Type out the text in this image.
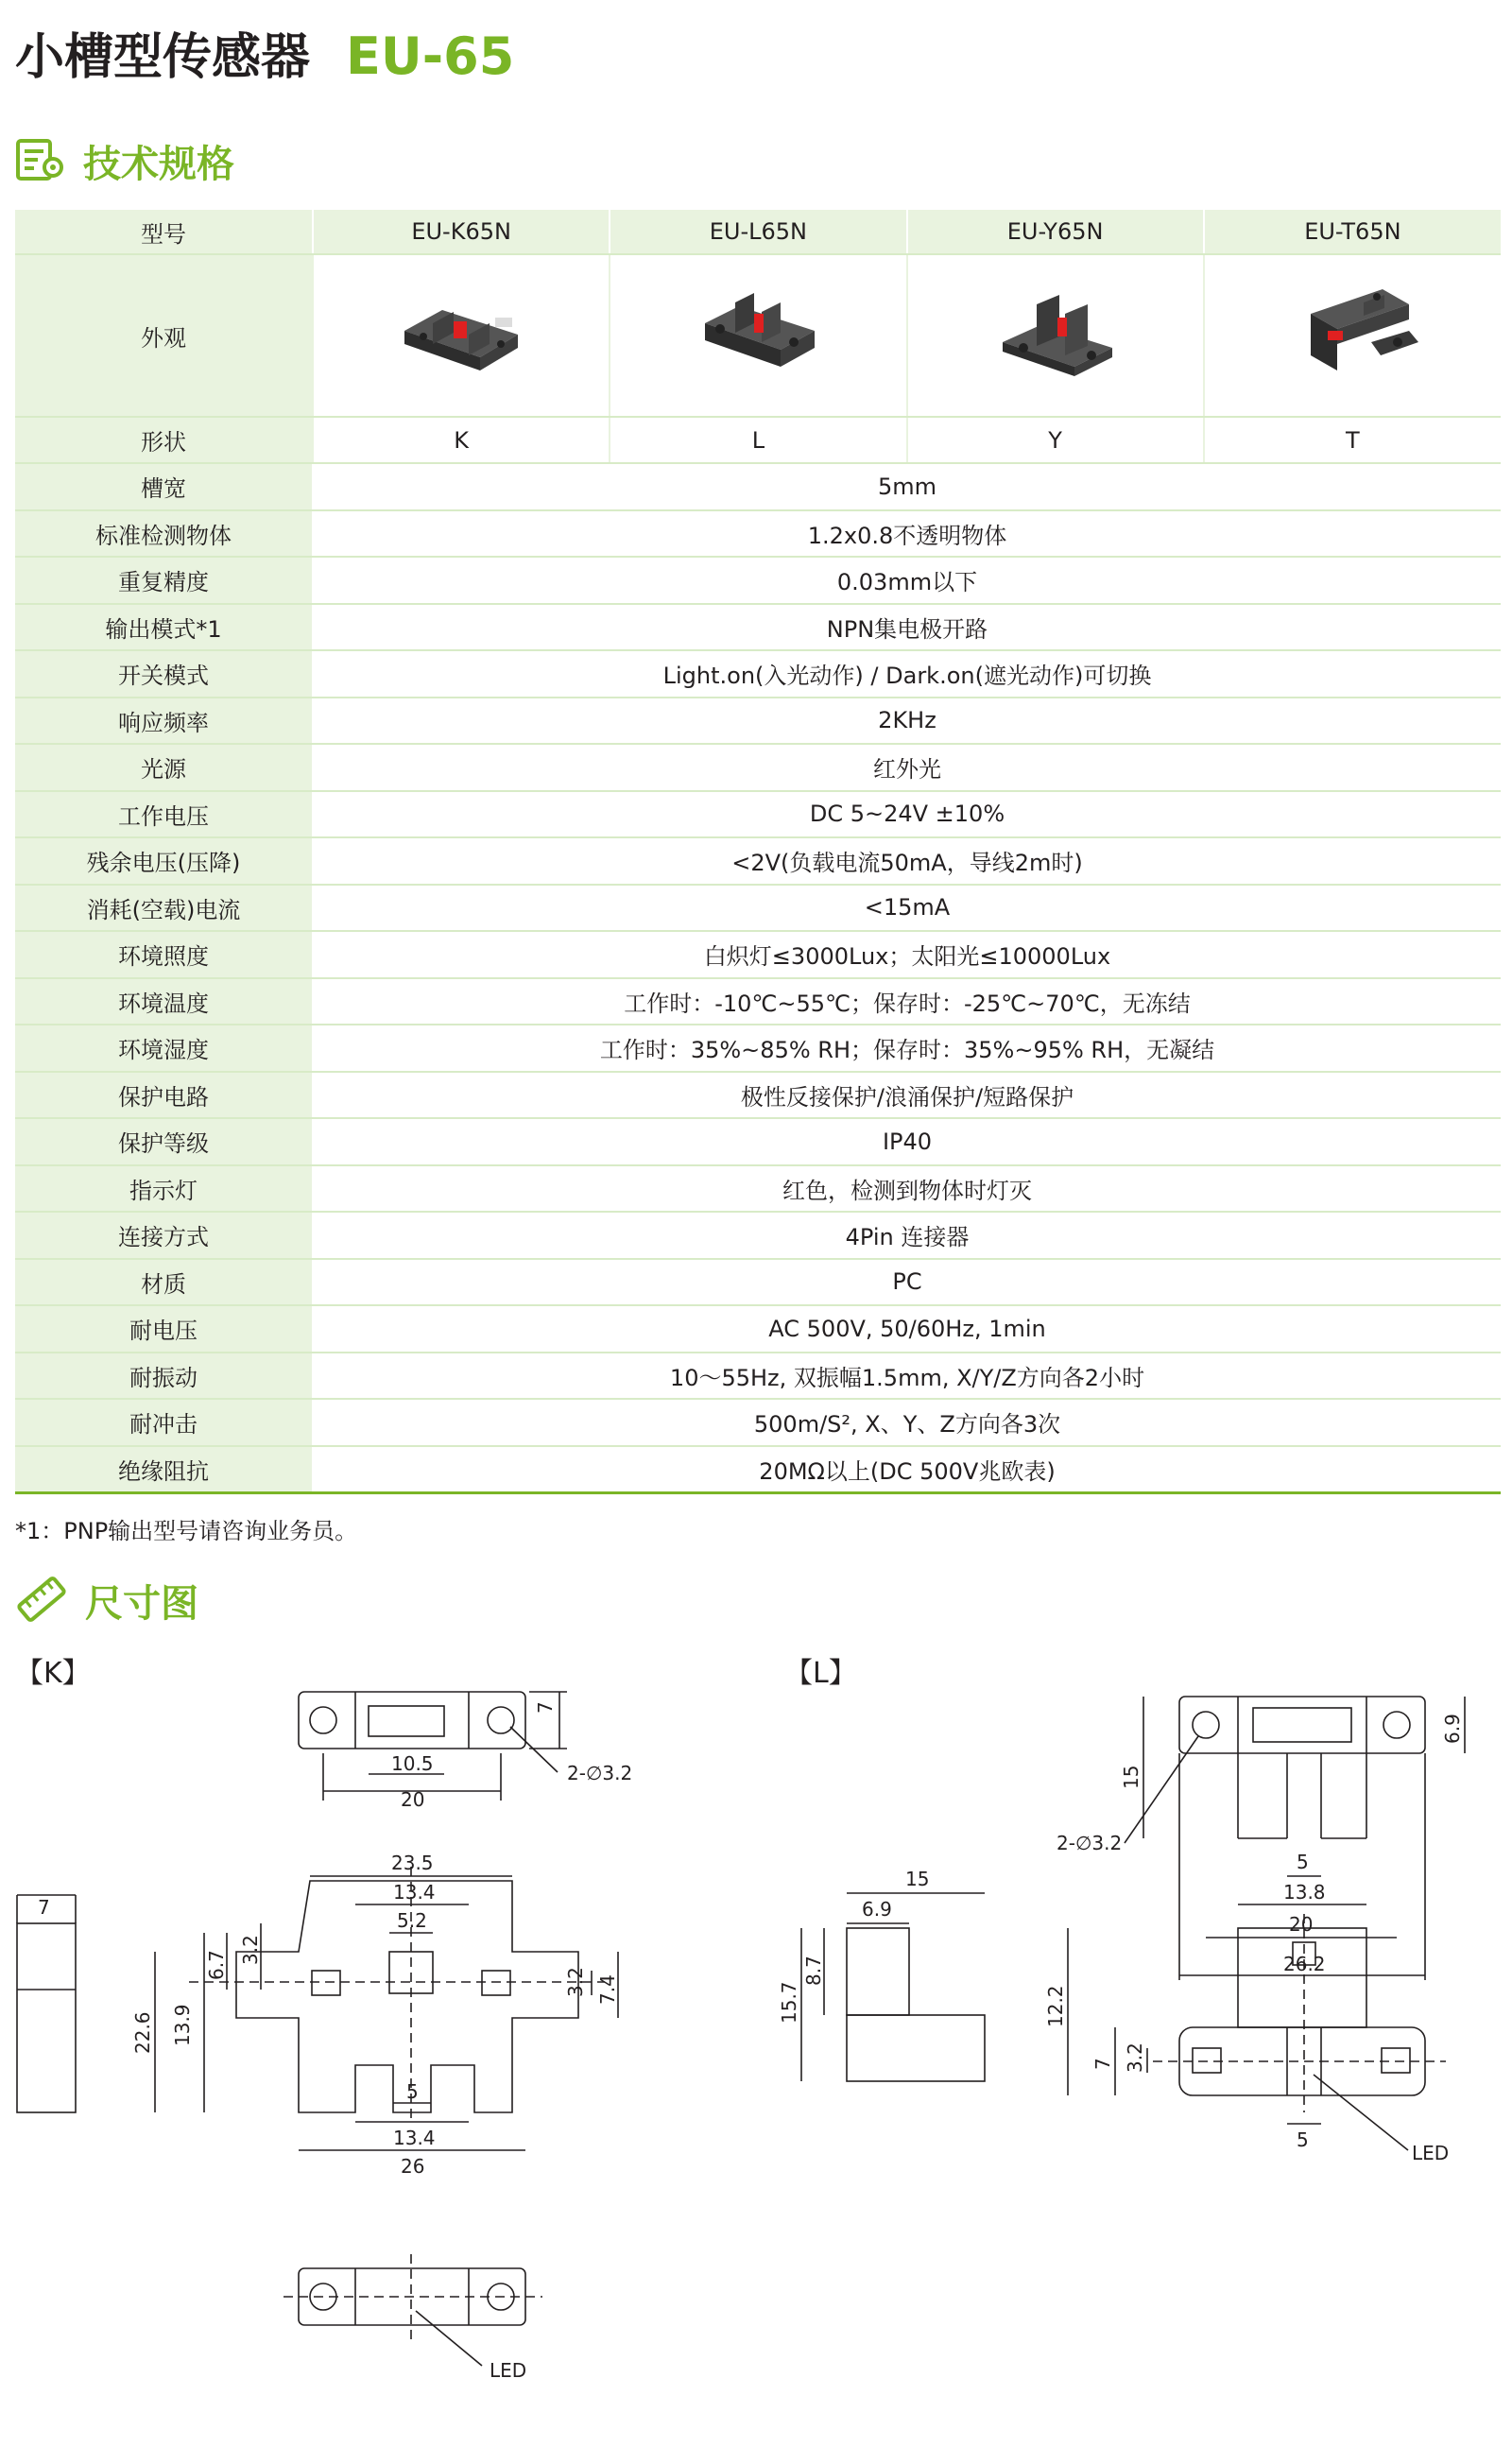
小槽型传感器 EU-65
技术规格
型号	EU-K65N	EU-L65N	EU-Y65N	EU-T65N
外观				
形状	K	L	Y	T
槽宽	5mm			
标准检测物体	1.2x0.8不透明物体			
重复精度	0.03mm以下			
输出模式*1	NPN集电极开路			
开关模式	Light.on(入光动作) / Dark.on(遮光动作)可切换			
响应频率	2KHz			
光源	红外光			
工作电压	DC 5~24V ±10%			
残余电压(压降)	<2V(负载电流50mA，导线2m时)			
消耗(空载)电流	<15mA			
环境照度	白炽灯≤3000Lux；太阳光≤10000Lux			
环境温度	工作时：-10℃~55℃；保存时：-25℃~70℃，无冻结			
环境湿度	工作时：35%~85% RH；保存时：35%~95% RH，无凝结			
保护电路	极性反接保护/浪涌保护/短路保护			
保护等级	IP40			
指示灯	红色，检测到物体时灯灭			
连接方式	4Pin 连接器			
材质	PC			
耐电压	AC 500V, 50/60Hz, 1min			
耐振动	10～55Hz, 双振幅1.5mm, X/Y/Z方向各2小时			
耐冲击	500m/S², X、Y、Z方向各3次			
绝缘阻抗	20MΩ以上(DC 500V兆欧表)			
*1：PNP输出型号请咨询业务员。
尺寸图
【K】	【L】
7
10.5
20
2-∅3.2
23.5
13.4
5.2
7
6.7
3.2
13.9
22.6
3.2 7.4
5
13.4
26
LED
15
6.9
2-∅3.2
5
13.8
20
26.2
15
6.9
8.7
15.7	12.2
7 3.2
5
LED
